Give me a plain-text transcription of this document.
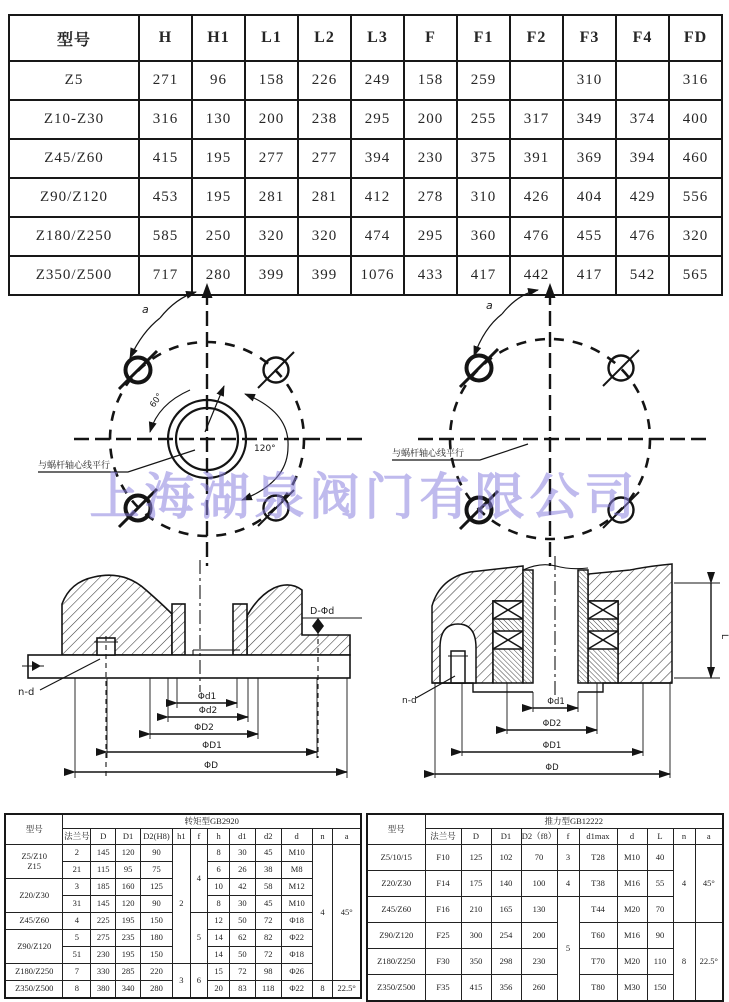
型号	H	H1	L1	L2	L3	F	F1	F2	F3	F4	FD
Z5	271	96	158	226	249	158	259		310		316
Z10-Z30	316	130	200	238	295	200	255	317	349	374	400
Z45/Z60	415	195	277	277	394	230	375	391	369	394	460
Z90/Z120	453	195	281	281	412	278	310	426	404	429	556
Z180/Z250	585	250	320	320	474	295	360	476	455	476	320
Z350/Z500	717	280	399	399	1076	433	417	442	417	542	565
a
60°
120°
与蜗杆轴心线平行
a
与蜗杆轴心线平行
上海湖泉阀门有限公司
Φd1
Φd2
ΦD2
ΦD1
ΦD
n-d
D-Φd
Φd1
ΦD2
ΦD1
ΦD
n-d
L
型号	转矩型GB2920											
	法兰号	D	D1	D2(H8)	h1	f	h	d1	d2	d	n	a
Z5/Z10
Z15	2	145	120	90	2	4	8	30	45	M10	4	45°
	21	115	95	75			6	26	38	M8		
Z20/Z30	3	185	160	125			10	42	58	M12		
	31	145	120	90			8	30	45	M10		
Z45/Z60	4	225	195	150		5	12	50	72	Φ18		
Z90/Z120	5	275	235	180			14	62	82	Φ22		
	51	230	195	150			14	50	72	Φ18		
Z180/Z250	7	330	285	220	3	6	15	72	98	Φ26		
Z350/Z500	8	380	340	280			20	83	118	Φ22	8	22.5°
型号	推力型GB12222									
	法兰号	D	D1	D2（f8）	f	d1max	d	L	n	a
Z5/10/15	F10	125	102	70	3	T28	M10	40	4	45°
Z20/Z30	F14	175	140	100	4	T38	M16	55		
Z45/Z60	F16	210	165	130	5	T44	M20	70		
Z90/Z120	F25	300	254	200		T60	M16	90	8	22.5°
Z180/Z250	F30	350	298	230		T70	M20	110		
Z350/Z500	F35	415	356	260		T80	M30	150		
